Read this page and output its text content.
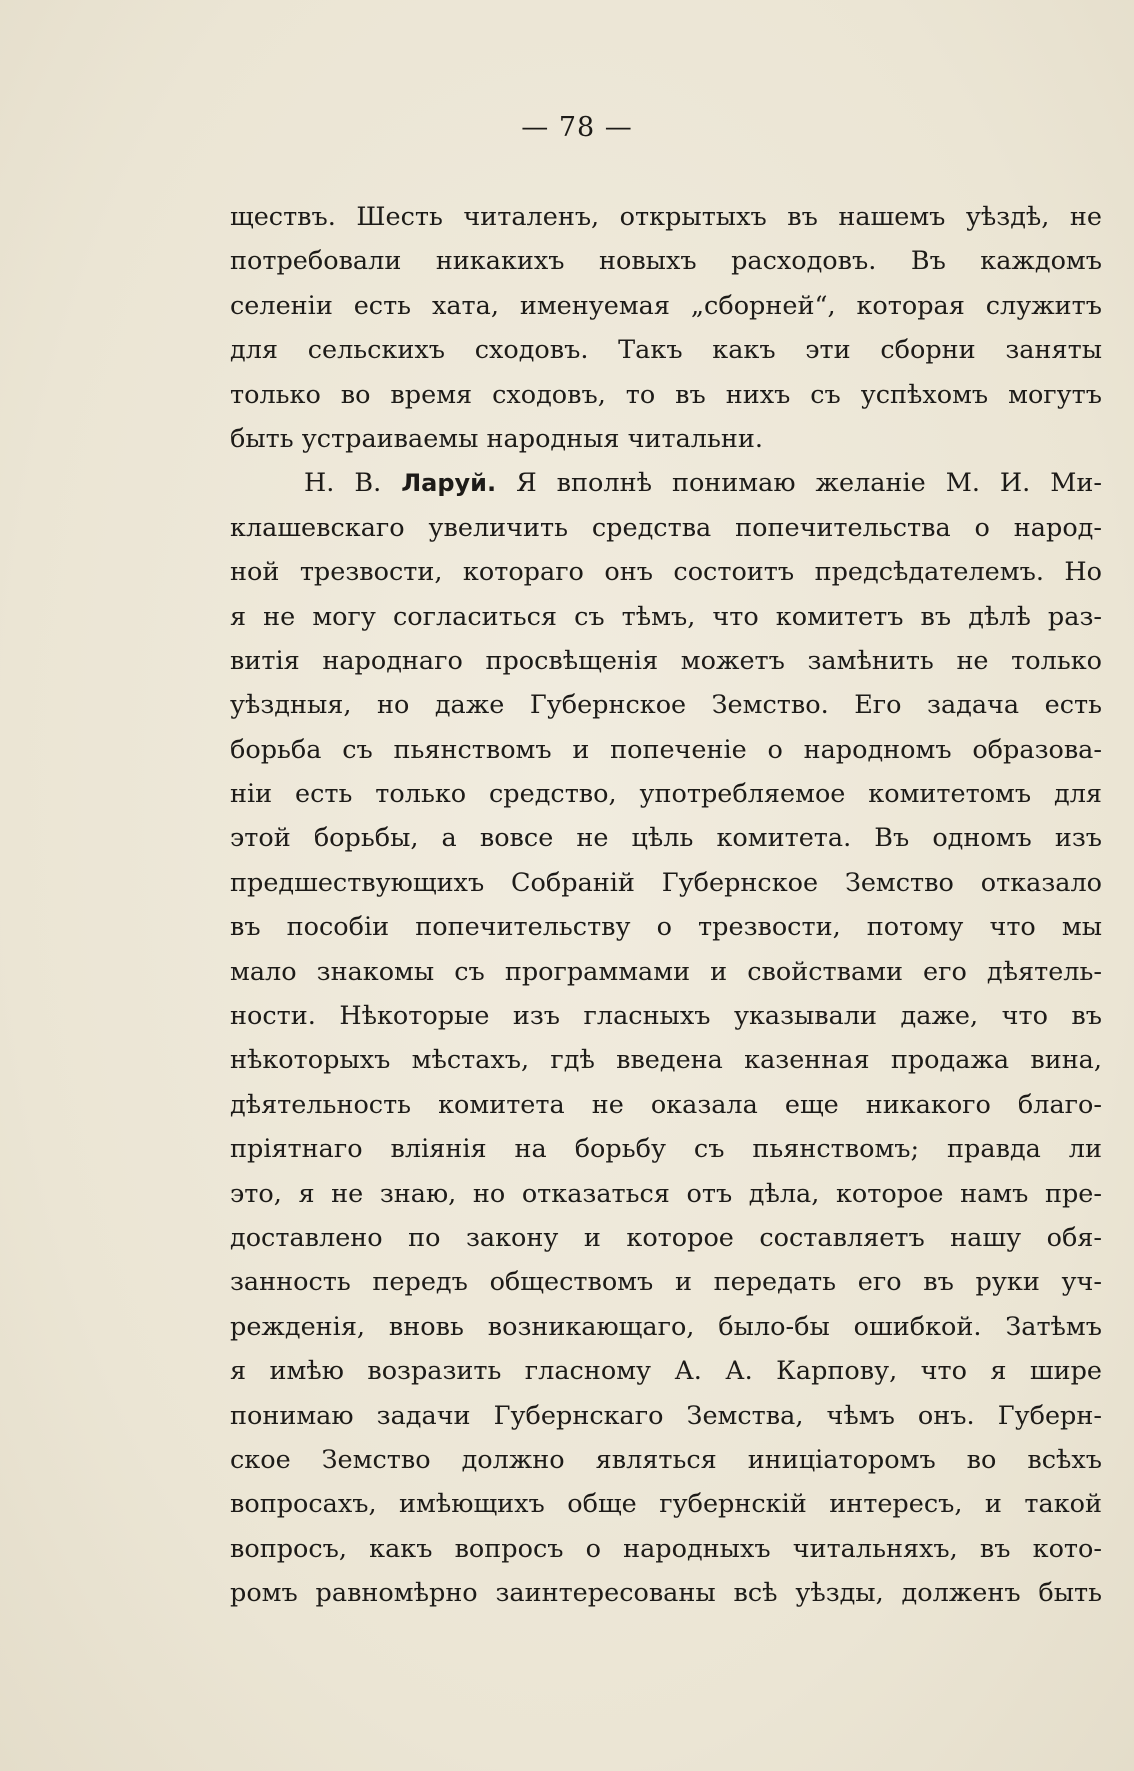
— 78 —
ществъ. Шесть читаленъ, открытыхъ въ нашемъ уѣздѣ, не
потребовали никакихъ новыхъ расходовъ. Въ каждомъ
селеніи есть хата, именуемая „сборней“, которая служитъ
для сельскихъ сходовъ. Такъ какъ эти сборни заняты
только во время сходовъ, то въ нихъ съ успѣхомъ могутъ
быть устраиваемы народныя читальни.
Н. В. Ларуй. Я вполнѣ понимаю желаніе М. И. Ми-
клашевскаго увеличить средства попечительства о народ-
ной трезвости, котораго онъ состоитъ предсѣдателемъ. Но
я не могу согласиться съ тѣмъ, что комитетъ въ дѣлѣ раз-
витія народнаго просвѣщенія можетъ замѣнить не только
уѣздныя, но даже Губернское Земство. Его задача есть
борьба съ пьянствомъ и попеченіе о народномъ образова-
ніи есть только средство, употребляемое комитетомъ для
этой борьбы, а вовсе не цѣль комитета. Въ одномъ изъ
предшествующихъ Собраній Губернское Земство отказало
въ пособіи попечительству о трезвости, потому что мы
мало знакомы съ программами и свойствами его дѣятель-
ности. Нѣкоторые изъ гласныхъ указывали даже, что въ
нѣкоторыхъ мѣстахъ, гдѣ введена казенная продажа вина,
дѣятельность комитета не оказала еще никакого благо-
пріятнаго вліянія на борьбу съ пьянствомъ; правда ли
это, я не знаю, но отказаться отъ дѣла, которое намъ пре-
доставлено по закону и которое составляетъ нашу обя-
занность передъ обществомъ и передать его въ руки уч-
режденія, вновь возникающаго, было-бы ошибкой. Затѣмъ
я имѣю возразить гласному А. А. Карпову, что я шире
понимаю задачи Губернскаго Земства, чѣмъ онъ. Губерн-
ское Земство должно являться иниціаторомъ во всѣхъ
вопросахъ, имѣющихъ обще губернскій интересъ, и такой
вопросъ, какъ вопросъ о народныхъ читальняхъ, въ кото-
ромъ равномѣрно заинтересованы всѣ уѣзды, долженъ быть
